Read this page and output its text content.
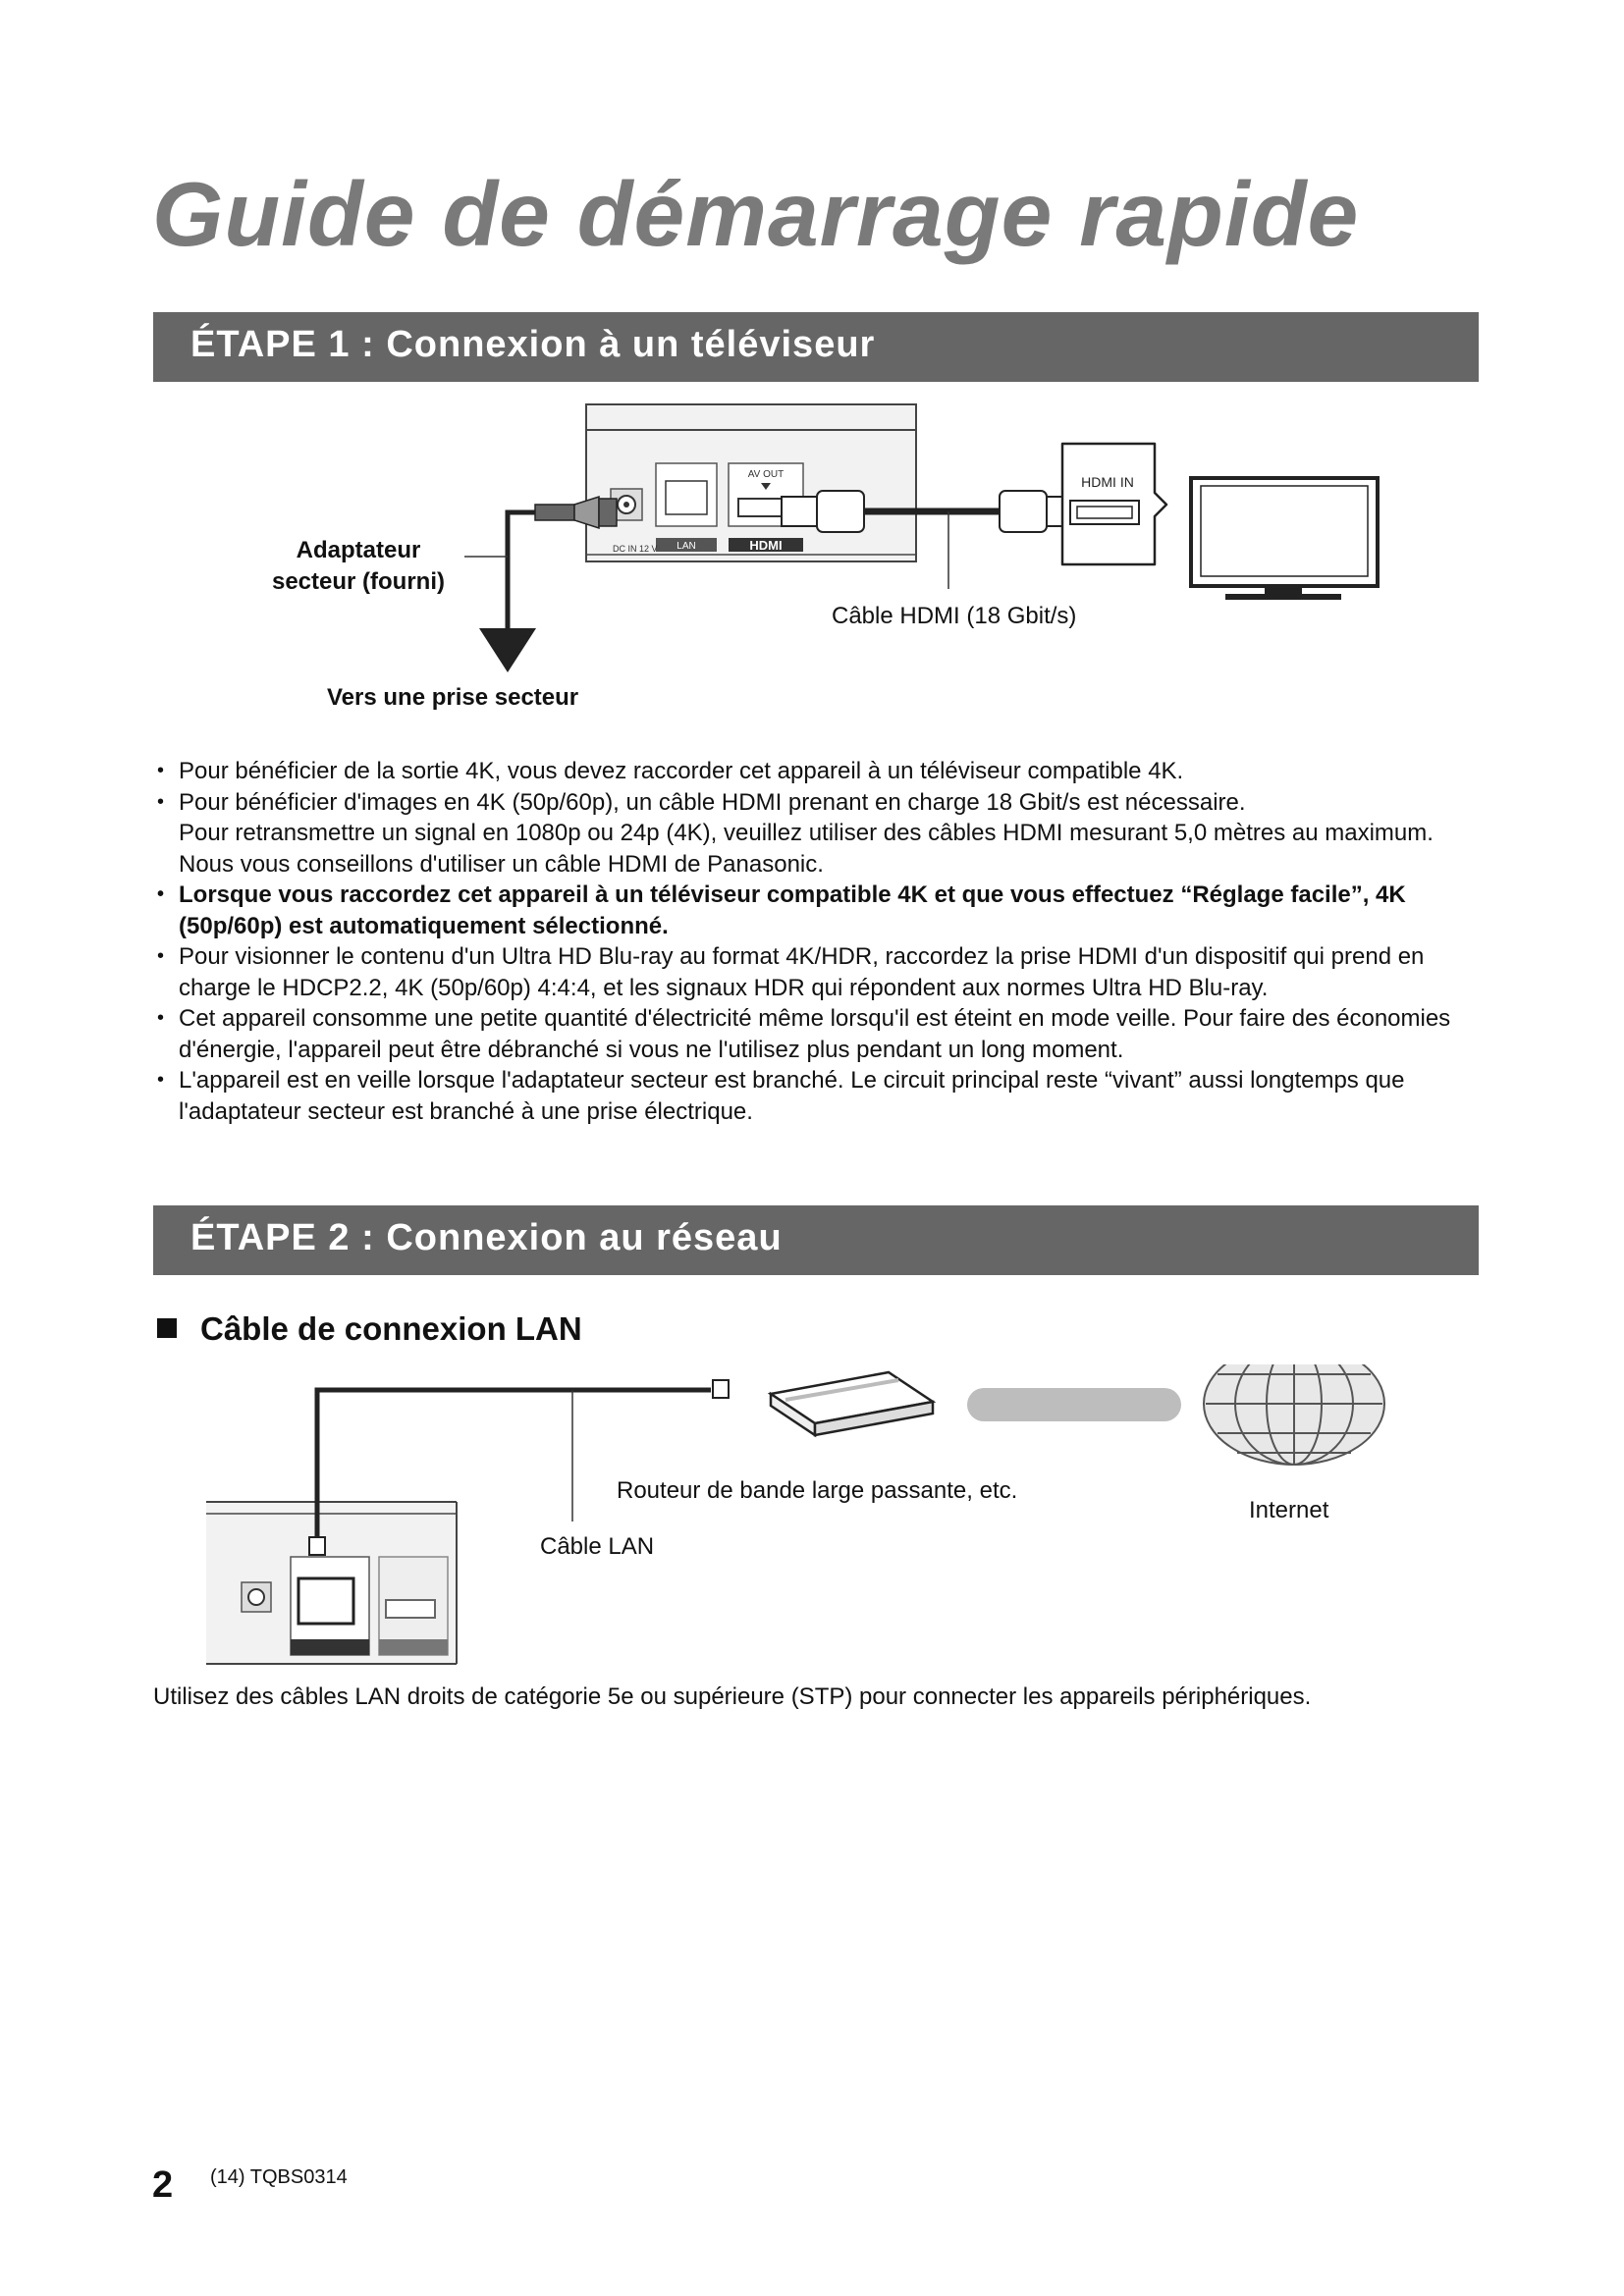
Guide de démarrage rapide
ÉTAPE 1 : Connexion à un téléviseur
DC IN 12 V LAN	HDMI
AV OUT	HDMI IN
Adaptateur
secteur (fourni)
Vers une prise secteur
Câble HDMI (18 Gbit/s)
• Pour bénéficier de la sortie 4K, vous devez raccorder cet appareil à un téléviseur compatible 4K.
• Pour bénéficier d'images en 4K (50p/60p), un câble HDMI prenant en charge 18 Gbit/s est nécessaire.
Pour retransmettre un signal en 1080p ou 24p (4K), veuillez utiliser des câbles HDMI mesurant 5,0 mètres au maximum.
Nous vous conseillons d'utiliser un câble HDMI de Panasonic.
• Lorsque vous raccordez cet appareil à un téléviseur compatible 4K et que vous effectuez “Réglage facile”, 4K (50p/60p) est automatiquement sélectionné.
• Pour visionner le contenu d'un Ultra HD Blu-ray au format 4K/HDR, raccordez la prise HDMI d'un dispositif qui prend en charge le HDCP2.2, 4K (50p/60p) 4:4:4, et les signaux HDR qui répondent aux normes Ultra HD Blu-ray.
• Cet appareil consomme une petite quantité d'électricité même lorsqu'il est éteint en mode veille. Pour faire des économies d'énergie, l'appareil peut être débranché si vous ne l'utilisez plus pendant un long moment.
• L'appareil est en veille lorsque l'adaptateur secteur est branché. Le circuit principal reste “vivant” aussi longtemps que l'adaptateur secteur est branché à une prise électrique.
ÉTAPE 2 : Connexion au réseau
Câble de connexion LAN
Routeur de bande large passante, etc.
Internet
Câble LAN
Utilisez des câbles LAN droits de catégorie 5e ou supérieure (STP) pour connecter les appareils périphériques.
2 (14) TQBS0314
